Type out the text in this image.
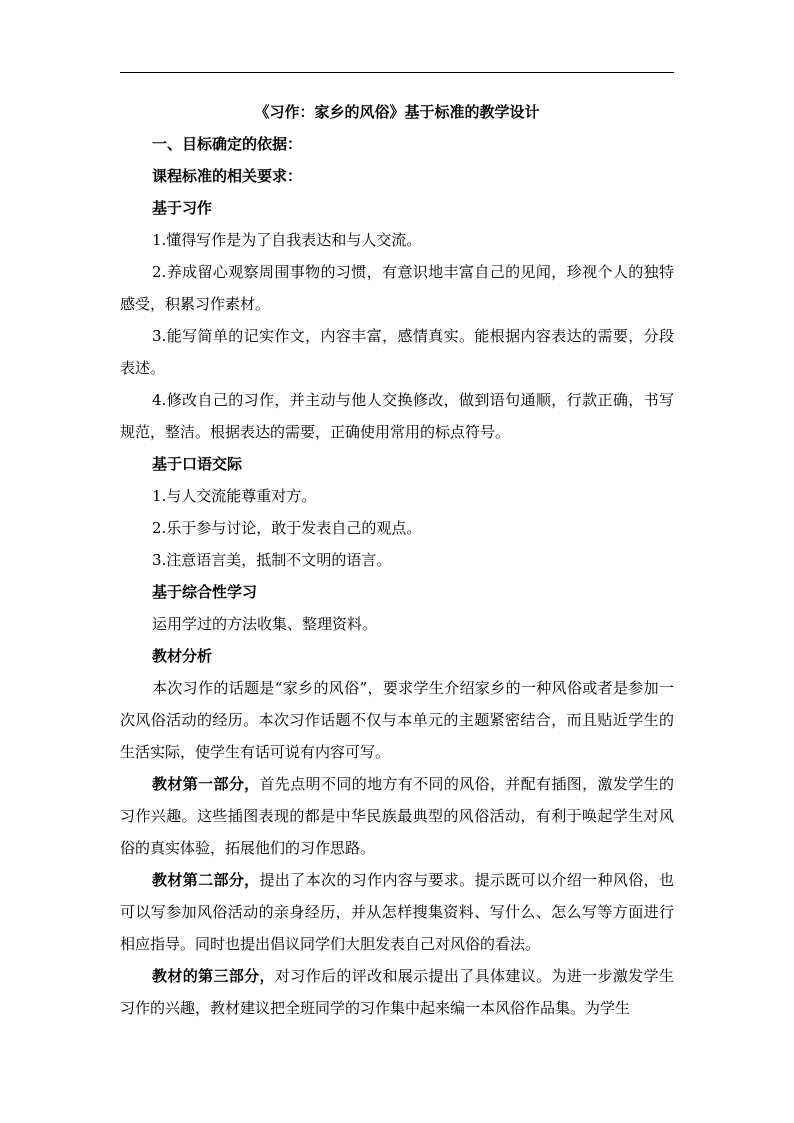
《习作：家乡的风俗》基于标准的教学设计

一、目标确定的依据：

课程标准的相关要求：

基于习作

1.懂得写作是为了自我表达和与人交流。

2.养成留心观察周围事物的习惯，有意识地丰富自己的见闻，珍视个人的独特感受，积累习作素材。

3.能写简单的记实作文，内容丰富，感情真实。能根据内容表达的需要，分段表述。

4.修改自己的习作，并主动与他人交换修改，做到语句通顺，行款正确，书写规范，整洁。根据表达的需要，正确使用常用的标点符号。

基于口语交际

1.与人交流能尊重对方。

2.乐于参与讨论，敢于发表自己的观点。

3.注意语言美，抵制不文明的语言。

基于综合性学习

运用学过的方法收集、整理资料。

教材分析

本次习作的话题是“家乡的风俗”，要求学生介绍家乡的一种风俗或者是参加一次风俗活动的经历。本次习作话题不仅与本单元的主题紧密结合，而且贴近学生的生活实际，使学生有话可说有内容可写。

教材第一部分，首先点明不同的地方有不同的风俗，并配有插图，激发学生的习作兴趣。这些插图表现的都是中华民族最典型的风俗活动，有利于唤起学生对风俗的真实体验，拓展他们的习作思路。

教材第二部分，提出了本次的习作内容与要求。提示既可以介绍一种风俗，也可以写参加风俗活动的亲身经历，并从怎样搜集资料、写什么、怎么写等方面进行相应指导。同时也提出倡议同学们大胆发表自己对风俗的看法。

教材的第三部分，对习作后的评改和展示提出了具体建议。为进一步激发学生习作的兴趣，教材建议把全班同学的习作集中起来编一本风俗作品集。为学生
